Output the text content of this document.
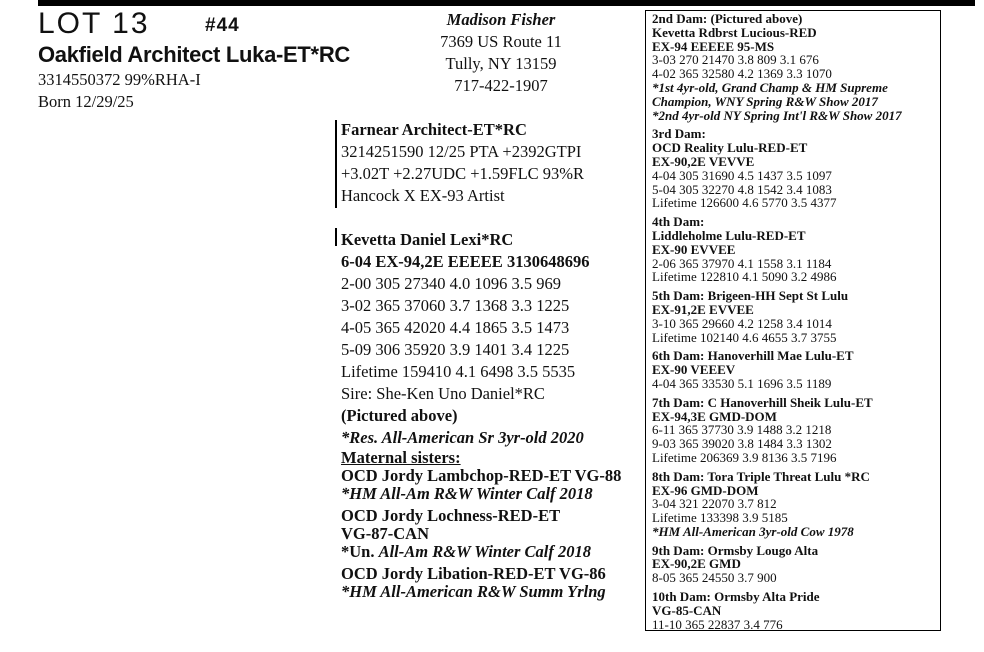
LOT 13	#44
Oakfield Architect Luka-ET*RC
3314550372 99%RHA-I
Born 12/29/25
Madison Fisher
7369 US Route 11
Tully, NY 13159
717-422-1907
Farnear Architect-ET*RC
3214251590 12/25 PTA +2392GTPI
+3.02T +2.27UDC +1.59FLC 93%R
Hancock X EX-93 Artist
Kevetta Daniel Lexi*RC
6-04 EX-94,2E EEEEE 3130648696
2-00 305 27340 4.0 1096 3.5 969
3-02 365 37060 3.7 1368 3.3 1225
4-05 365 42020 4.4 1865 3.5 1473
5-09 306 35920 3.9 1401 3.4 1225
Lifetime 159410 4.1 6498 3.5 5535
Sire: She-Ken Uno Daniel*RC
(Pictured above)
*Res. All-American Sr 3yr-old 2020
Maternal sisters:
OCD Jordy Lambchop-RED-ET VG-88
*HM All-Am R&W Winter Calf 2018
OCD Jordy Lochness-RED-ET
VG-87-CAN
*Un. All-Am R&W Winter Calf 2018
OCD Jordy Libation-RED-ET VG-86
*HM All-American R&W Summ Yrlng
2nd Dam: (Pictured above)
Kevetta Rdbrst Lucious-RED
EX-94 EEEEE 95-MS
3-03 270 21470 3.8 809 3.1 676
4-02 365 32580 4.2 1369 3.3 1070
*1st 4yr-old, Grand Champ & HM Supreme
Champion, WNY Spring R&W Show 2017
*2nd 4yr-old NY Spring Int'l R&W Show 2017
3rd Dam:
OCD Reality Lulu-RED-ET
EX-90,2E VEVVE
4-04 305 31690 4.5 1437 3.5 1097
5-04 305 32270 4.8 1542 3.4 1083
Lifetime 126600 4.6 5770 3.5 4377
4th Dam:
Liddleholme Lulu-RED-ET
EX-90 EVVEE
2-06 365 37970 4.1 1558 3.1 1184
Lifetime 122810 4.1 5090 3.2 4986
5th Dam: Brigeen-HH Sept St Lulu
EX-91,2E EVVEE
3-10 365 29660 4.2 1258 3.4 1014
Lifetime 102140 4.6 4655 3.7 3755
6th Dam: Hanoverhill Mae Lulu-ET
EX-90 VEEEV
4-04 365 33530 5.1 1696 3.5 1189
7th Dam: C Hanoverhill Sheik Lulu-ET
EX-94,3E GMD-DOM
6-11 365 37730 3.9 1488 3.2 1218
9-03 365 39020 3.8 1484 3.3 1302
Lifetime 206369 3.9 8136 3.5 7196
8th Dam: Tora Triple Threat Lulu *RC
EX-96 GMD-DOM
3-04 321 22070 3.7 812
Lifetime 133398 3.9 5185
*HM All-American 3yr-old Cow 1978
9th Dam: Ormsby Lougo Alta
EX-90,2E GMD
8-05 365 24550 3.7 900
10th Dam: Ormsby Alta Pride
VG-85-CAN
11-10 365 22837 3.4 776
